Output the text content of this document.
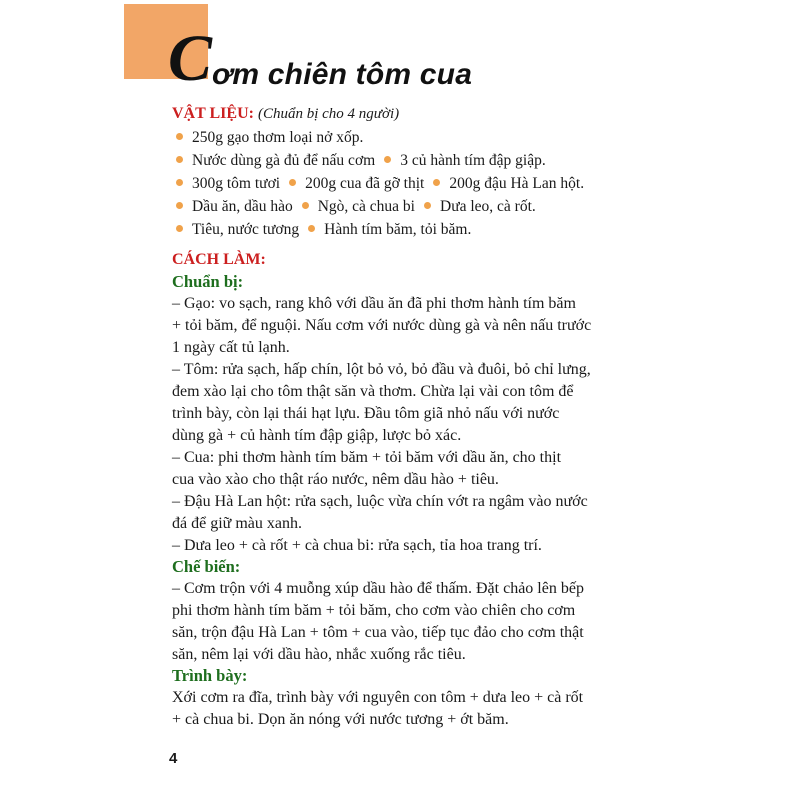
Cơm chiên tôm cua
VẬT LIỆU: (Chuẩn bị cho 4 người)
250g gạo thơm loại nở xốp.
Nước dùng gà đủ để nấu cơm 3 củ hành tím đập giập.
300g tôm tươi 200g cua đã gỡ thịt 200g đậu Hà Lan hột.
Dầu ăn, dầu hào Ngò, cà chua bi Dưa leo, cà rốt.
Tiêu, nước tương Hành tím băm, tỏi băm.
CÁCH LÀM:
Chuẩn bị:
– Gạo: vo sạch, rang khô với dầu ăn đã phi thơm hành tím băm
+ tỏi băm, để nguội. Nấu cơm với nước dùng gà và nên nấu trước
1 ngày cất tủ lạnh.
– Tôm: rửa sạch, hấp chín, lột bỏ vỏ, bỏ đầu và đuôi, bỏ chỉ lưng,
đem xào lại cho tôm thật săn và thơm. Chừa lại vài con tôm để
trình bày, còn lại thái hạt lựu. Đầu tôm giã nhỏ nấu với nước
dùng gà + củ hành tím đập giập, lược bỏ xác.
– Cua: phi thơm hành tím băm + tỏi băm với dầu ăn, cho thịt
cua vào xào cho thật ráo nước, nêm dầu hào + tiêu.
– Đậu Hà Lan hột: rửa sạch, luộc vừa chín vớt ra ngâm vào nước
đá để giữ màu xanh.
– Dưa leo + cà rốt + cà chua bi: rửa sạch, tỉa hoa trang trí.
Chế biến:
– Cơm trộn với 4 muỗng xúp dầu hào để thấm. Đặt chảo lên bếp
phi thơm hành tím băm + tỏi băm, cho cơm vào chiên cho cơm
săn, trộn đậu Hà Lan + tôm + cua vào, tiếp tục đảo cho cơm thật
săn, nêm lại với dầu hào, nhắc xuống rắc tiêu.
Trình bày:
Xới cơm ra đĩa, trình bày với nguyên con tôm + dưa leo + cà rốt
+ cà chua bi. Dọn ăn nóng với nước tương + ớt băm.
4
